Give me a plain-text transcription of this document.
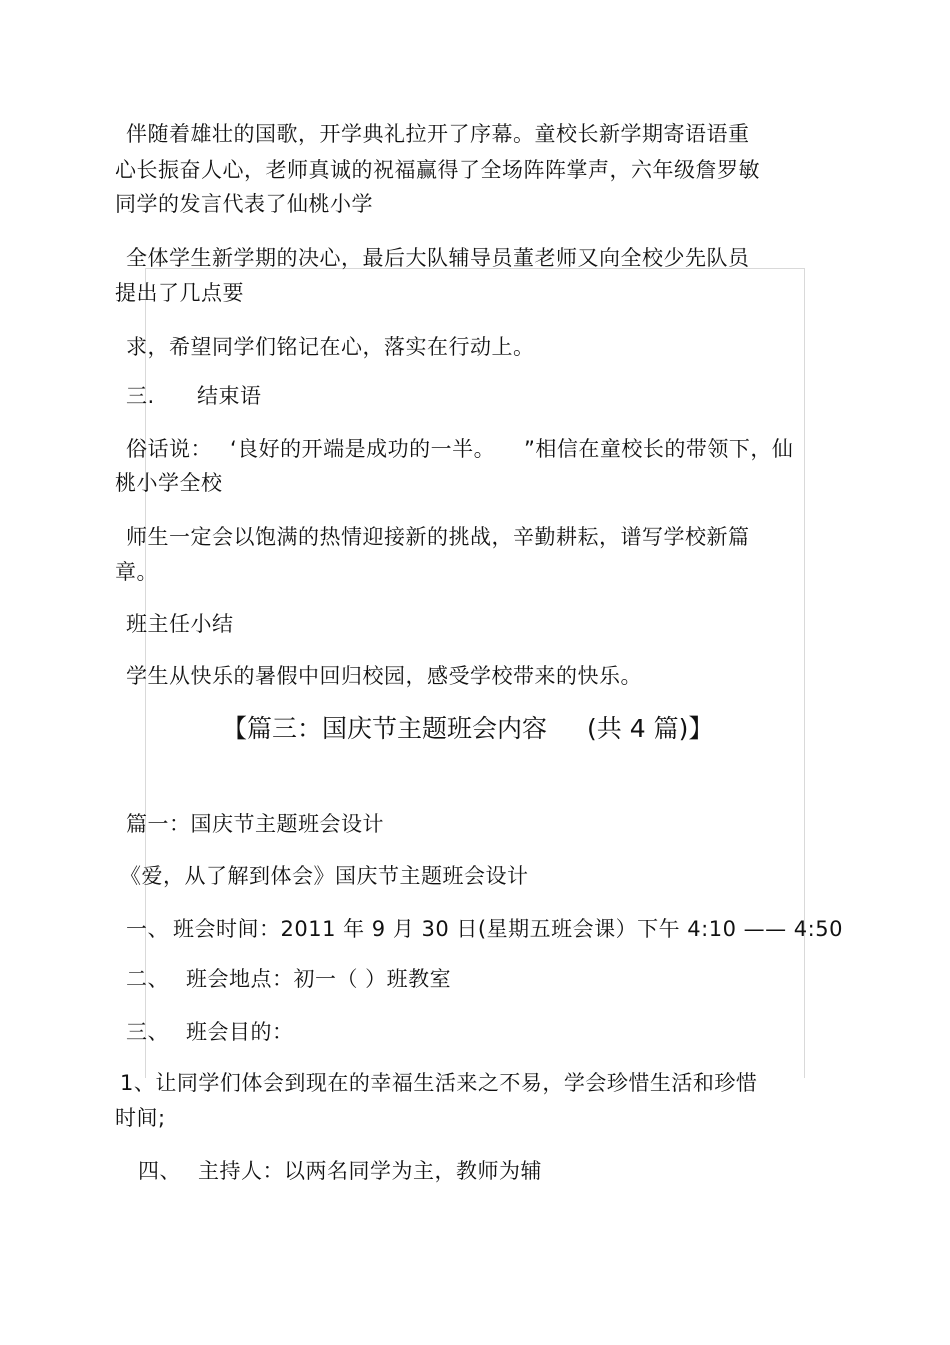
伴随着雄壮的国歌，开学典礼拉开了序幕。童校长新学期寄语语重
心长振奋人心，老师真诚的祝福赢得了全场阵阵掌声，六年级詹罗敏
同学的发言代表了仙桃小学
全体学生新学期的决心，最后大队辅导员董老师又向全校少先队员
提出了几点要
求，希望同学们铭记在心，落实在行动上。
三. 结束语
俗话说： ‘良好的开端是成功的一半。 ”相信在童校长的带领下，仙
桃小学全校
师生一定会以饱满的热情迎接新的挑战，辛勤耕耘，谱写学校新篇
章。
班主任小结
学生从快乐的暑假中回归校园，感受学校带来的快乐。
【篇三：国庆节主题班会内容 (共 4 篇)】
篇一：国庆节主题班会设计
《爱，从了解到体会》国庆节主题班会设计
一、 班会时间：2011 年 9 月 30 日(星期五班会课）下午 4:10 —— 4:50
二、 班会地点：初一（ ）班教室
三、 班会目的：
1、让同学们体会到现在的幸福生活来之不易，学会珍惜生活和珍惜
时间;
四、 主持人：以两名同学为主，教师为辅
